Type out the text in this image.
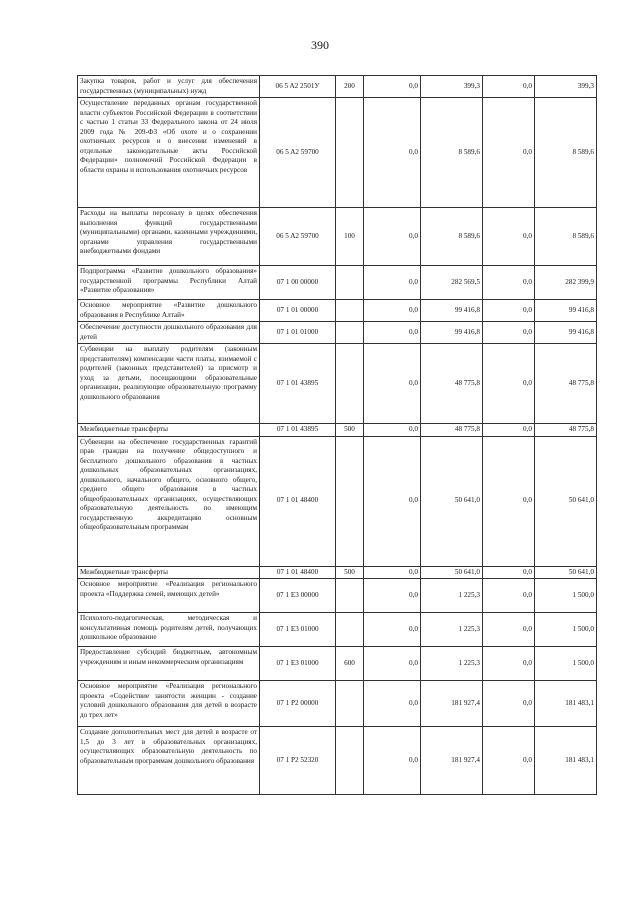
390
Закупка товаров, работ и услуг для обеспечения государственных (муниципальных) нужд	06 5 A2 2501У	200	0,0	399,3	0,0	399,3
Осуществление переданных органам государственной власти субъектов Российской Федерации в соответствии с частью 1 статьи 33 Федерального закона от 24 июля 2009 года № 209-ФЗ «Об охоте и о сохранении охотничьих ресурсов и о внесении изменений в отдельные законодательные акты Российской Федерации» полномочий Российской Федерации в области охраны и использования охотничьих ресурсов	06 5 A2 59700		0,0	8 589,6	0,0	8 589,6
Расходы на выплаты персоналу в целях обеспечения выполнения функций государственными (муниципальными) органами, казенными учреждениями, органами управления государственными внебюджетными фондами	06 5 A2 59700	100	0,0	8 589,6	0,0	8 589,6
Подпрограмма «Развитие дошкольного образования» государственной программы Республики Алтай «Развитие образования»	07 1 00 00000		0,0	282 569,5	0,0	282 399,9
Основное мероприятие «Развитие дошкольного образования в Республике Алтай»	07 1 01 00000		0,0	99 416,8	0,0	99 416,8
Обеспечение доступности дошкольного образования для детей	07 1 01 01000		0,0	99 416,8	0,0	99 416,8
Субвенции на выплату родителям (законным представителям) компенсации части платы, взимаемой с родителей (законных представителей) за присмотр и уход за детьми, посещающими образовательные организации, реализующие образовательную программу дошкольного образования	07 1 01 43895		0,0	48 775,8	0,0	48 775,8
Межбюджетные трансферты	07 1 01 43895	500	0,0	48 775,8	0,0	48 775,8
Субвенции на обеспечение государственных гарантий прав граждан на получение общедоступного и бесплатного дошкольного образования в частных дошкольных образовательных организациях, дошкольного, начального общего, основного общего, среднего общего образования в частных общеобразовательных организациях, осуществляющих образовательную деятельность по имеющим государственную аккредитацию основным общеобразовательным программам	07 1 01 48400		0,0	50 641,0	0,0	50 641,0
Межбюджетные трансферты	07 1 01 48400	500	0,0	50 641,0	0,0	50 641,0
Основное мероприятие «Реализация регионального проекта «Поддержка семей, имеющих детей»	07 1 E3 00000		0,0	1 225,3	0,0	1 500,0
Психолого-педагогическая, методическая и консультативная помощь родителям детей, получающих дошкольное образование	07 1 E3 01000		0,0	1 225,3	0,0	1 500,0
Предоставление субсидий бюджетным, автономным учреждениям и иным некоммерческим организациям	07 1 E3 01000	600	0,0	1 225,3	0,0	1 500,0
Основное мероприятие «Реализация регионального проекта «Содействие занятости женщин - создание условий дошкольного образования для детей в возрасте до трех лет»	07 1 P2 00000		0,0	181 927,4	0,0	181 483,1
Создание дополнительных мест для детей в возрасте от 1,5 до 3 лет в образовательных организациях, осуществляющих образовательную деятельность по образовательным программам дошкольного образования	07 1 P2 52320		0,0	181 927,4	0,0	181 483,1
